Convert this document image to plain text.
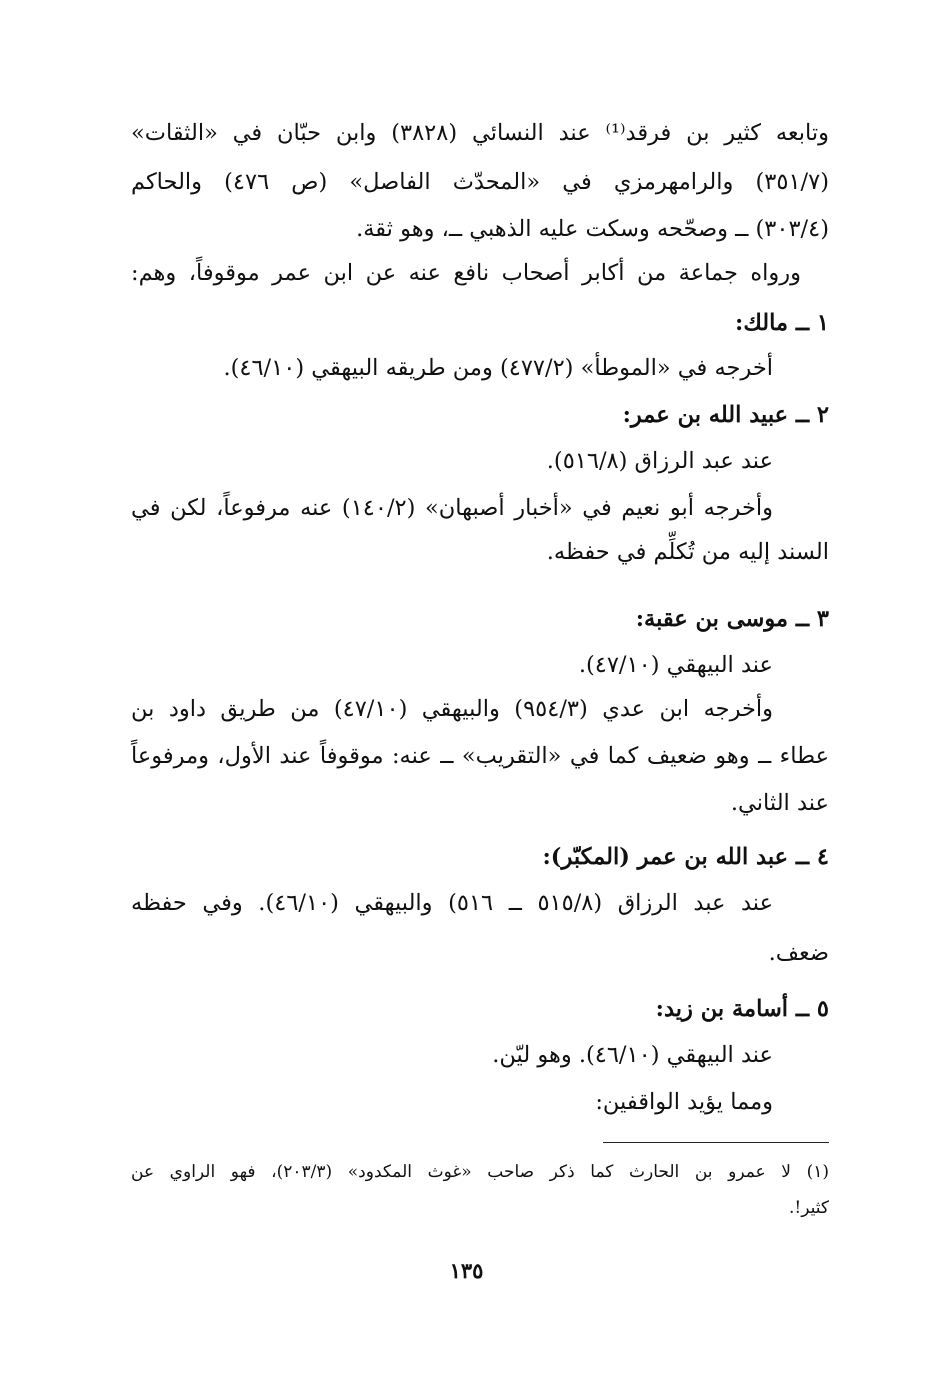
وتابعه كثير بن فرقد⁽¹⁾ عند النسائي (٣٨٢٨) وابن حبّان في «الثقات»
(٣٥١/٧) والرامهرمزي في «المحدّث الفاصل» (ص ٤٧٦) والحاكم
(٣٠٣/٤) ــ وصحّحه وسكت عليه الذهبي ــ، وهو ثقة.
ورواه جماعة من أكابر أصحاب نافع عنه عن ابن عمر موقوفاً، وهم:
١ ــ مالك:
أخرجه في «الموطأ» (٤٧٧/٢) ومن طريقه البيهقي (٤٦/١٠).
٢ ــ عبيد الله بن عمر:
عند عبد الرزاق (٥١٦/٨).
وأخرجه أبو نعيم في «أخبار أصبهان» (١٤٠/٢) عنه مرفوعاً، لكن في
السند إليه من تُكلِّم في حفظه.
٣ ــ موسى بن عقبة:
عند البيهقي (٤٧/١٠).
وأخرجه ابن عدي (٩٥٤/٣) والبيهقي (٤٧/١٠) من طريق داود بن
عطاء ــ وهو ضعيف كما في «التقريب» ــ عنه: موقوفاً عند الأول، ومرفوعاً
عند الثاني.
٤ ــ عبد الله بن عمر (المكبّر):
عند عبد الرزاق (٥١٥/٨ ــ ٥١٦) والبيهقي (٤٦/١٠). وفي حفظه
ضعف.
٥ ــ أسامة بن زيد:
عند البيهقي (٤٦/١٠). وهو ليّن.
ومما يؤيد الواقفين:
(١) لا عمرو بن الحارث كما ذكر صاحب «غوث المكدود» (٢٠٣/٣)، فهو الراوي عن
كثير!.
١٣٥
